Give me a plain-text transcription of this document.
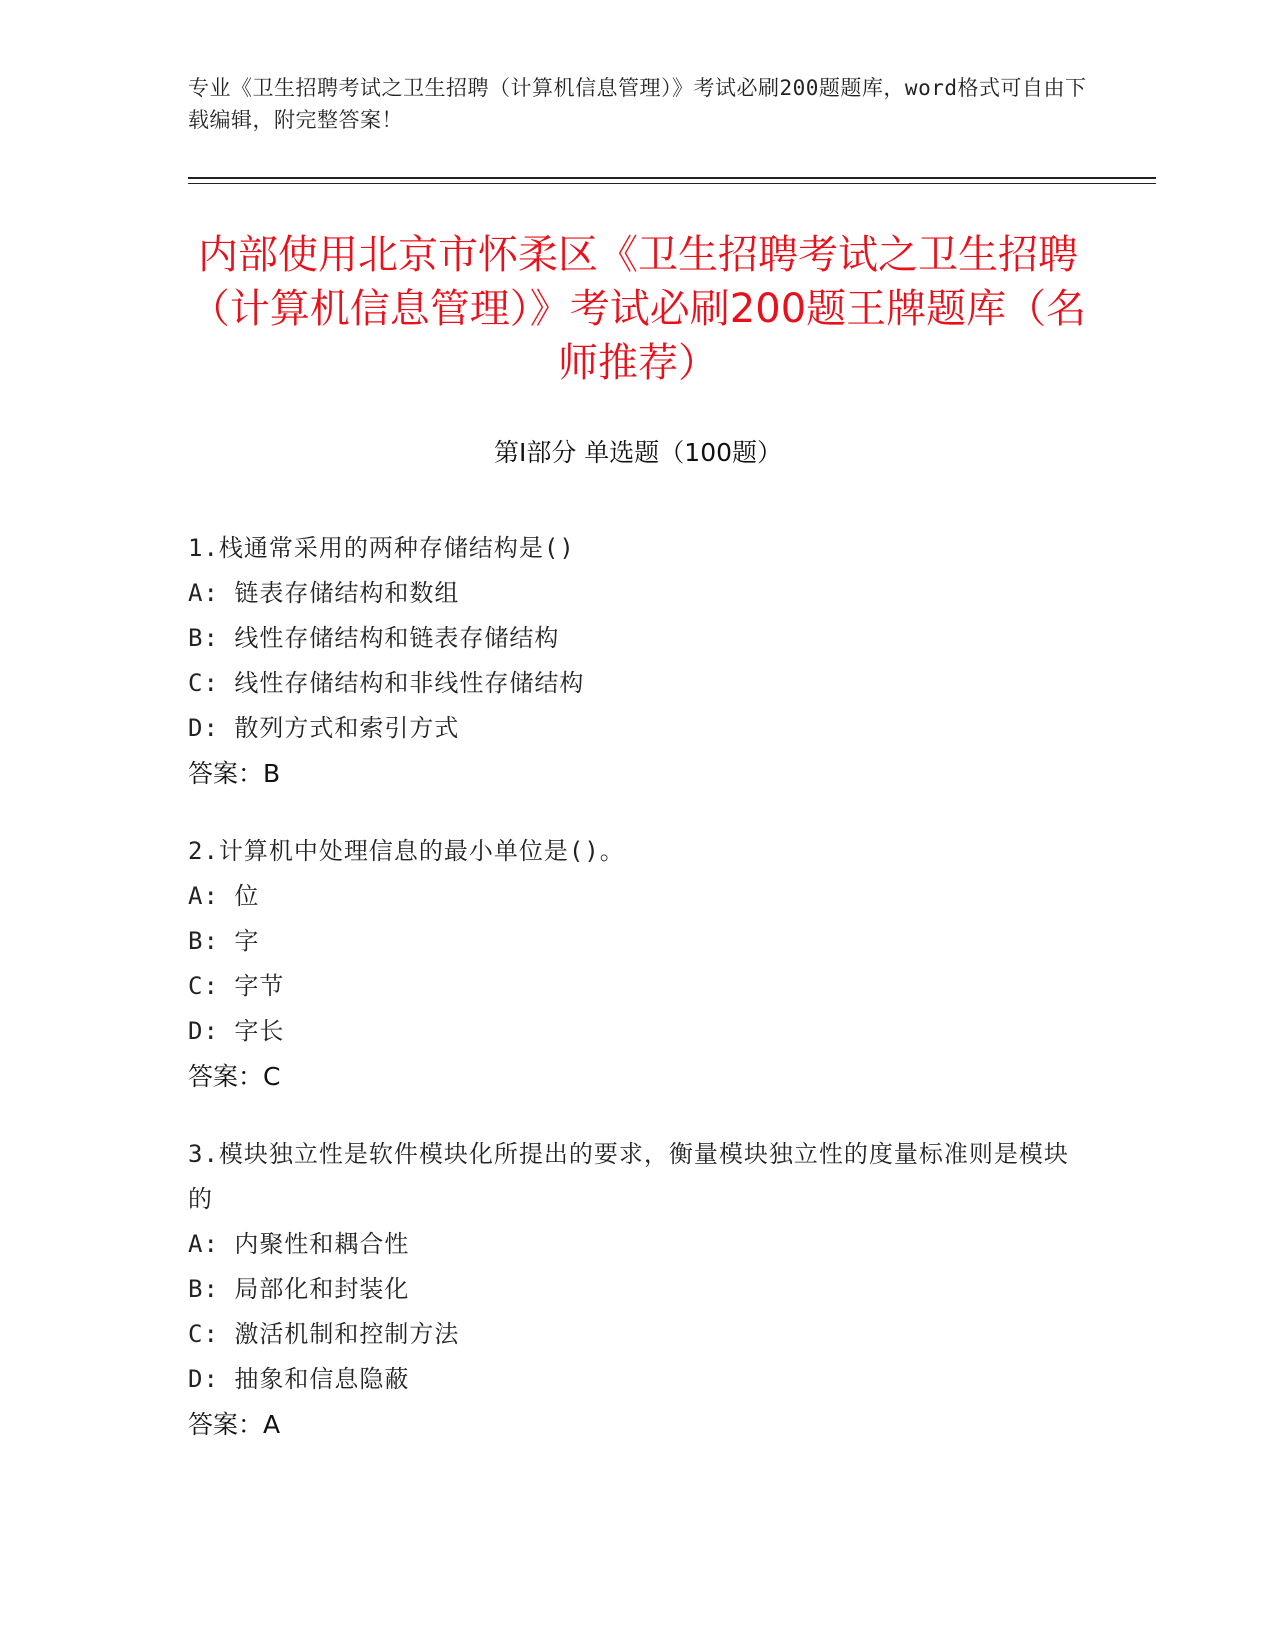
专业《卫生招聘考试之卫生招聘（计算机信息管理）》考试必刷200题题库，word格式可自由下载编辑，附完整答案！
内部使用北京市怀柔区《卫生招聘考试之卫生招聘（计算机信息管理）》考试必刷200题王牌题库（名师推荐）
第Ⅰ部分 单选题（100题）
1.栈通常采用的两种存储结构是()
A: 链表存储结构和数组
B: 线性存储结构和链表存储结构
C: 线性存储结构和非线性存储结构
D: 散列方式和索引方式
答案：B
2.计算机中处理信息的最小单位是()。
A: 位
B: 字
C: 字节
D: 字长
答案：C
3.模块独立性是软件模块化所提出的要求，衡量模块独立性的度量标准则是模块的
A: 内聚性和耦合性
B: 局部化和封装化
C: 激活机制和控制方法
D: 抽象和信息隐蔽
答案：A
